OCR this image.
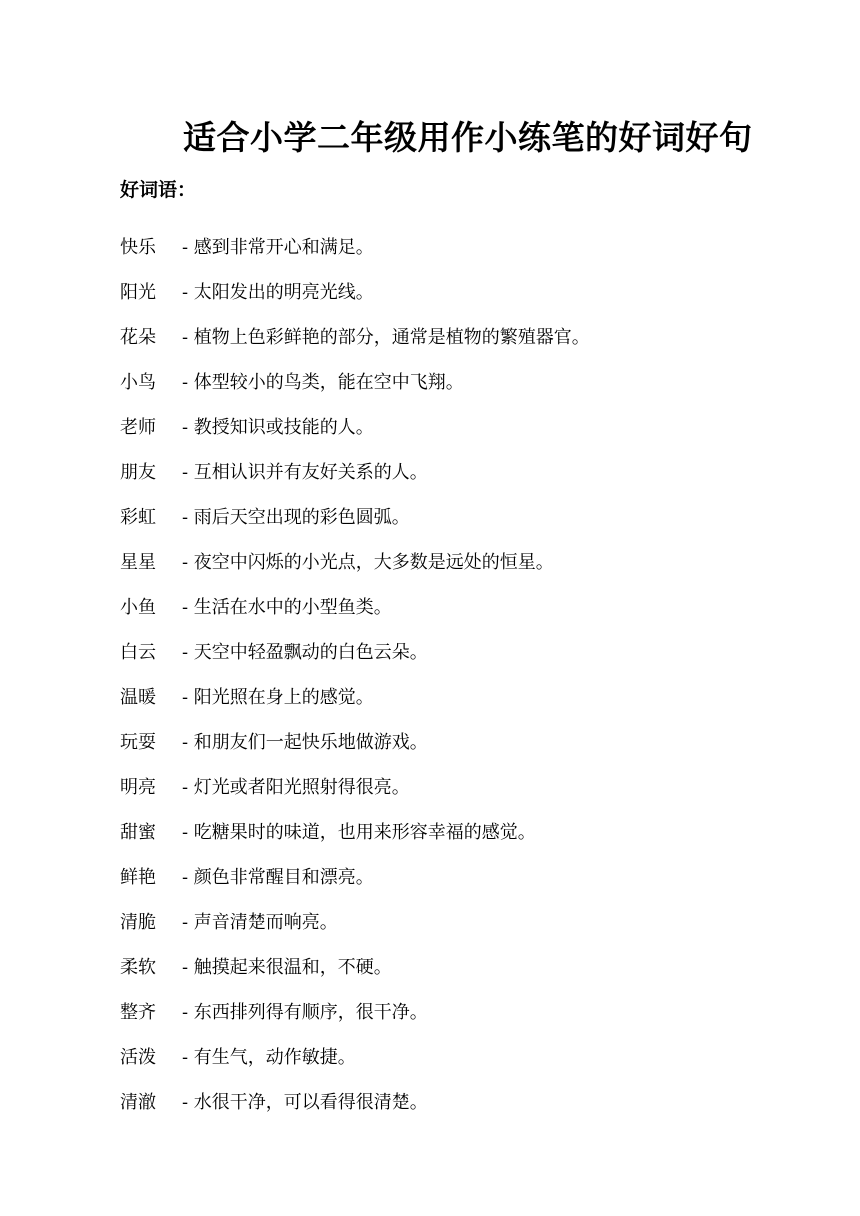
适合小学二年级用作小练笔的好词好句
好词语：
快乐	- 感到非常开心和满足。
阳光	- 太阳发出的明亮光线。
花朵	- 植物上色彩鲜艳的部分，通常是植物的繁殖器官。
小鸟	- 体型较小的鸟类，能在空中飞翔。
老师	- 教授知识或技能的人。
朋友	- 互相认识并有友好关系的人。
彩虹	- 雨后天空出现的彩色圆弧。
星星	- 夜空中闪烁的小光点，大多数是远处的恒星。
小鱼	- 生活在水中的小型鱼类。
白云	- 天空中轻盈飘动的白色云朵。
温暖	- 阳光照在身上的感觉。
玩耍	- 和朋友们一起快乐地做游戏。
明亮	- 灯光或者阳光照射得很亮。
甜蜜	- 吃糖果时的味道，也用来形容幸福的感觉。
鲜艳	- 颜色非常醒目和漂亮。
清脆	- 声音清楚而响亮。
柔软	- 触摸起来很温和，不硬。
整齐	- 东西排列得有顺序，很干净。
活泼	- 有生气，动作敏捷。
清澈	- 水很干净，可以看得很清楚。
